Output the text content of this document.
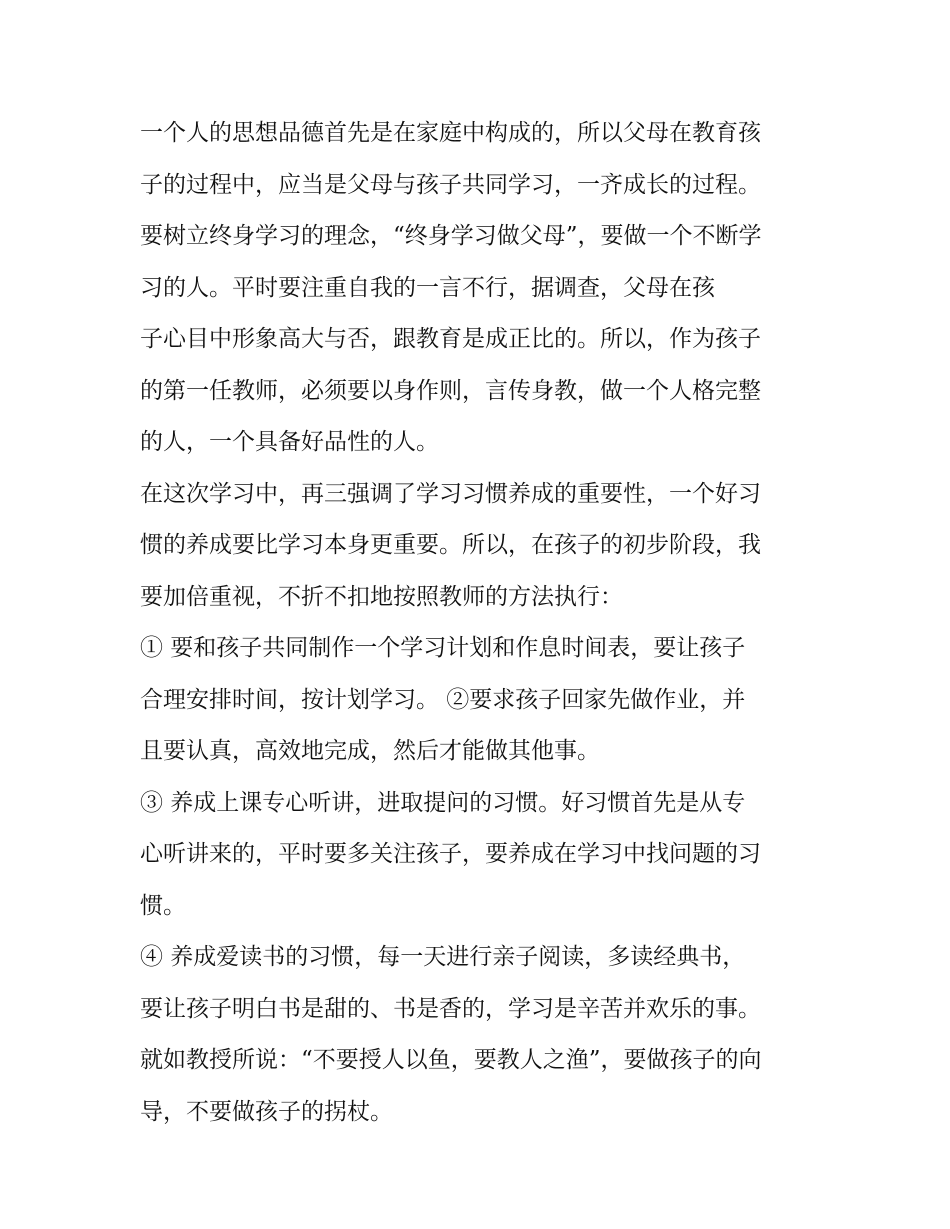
一个人的思想品德首先是在家庭中构成的，所以父母在教育孩
子的过程中，应当是父母与孩子共同学习，一齐成长的过程。
要树立终身学习的理念，“终身学习做父母”，要做一个不断学
习的人。平时要注重自我的一言不行，据调查，父母在孩
子心目中形象高大与否，跟教育是成正比的。所以，作为孩子
的第一任教师，必须要以身作则，言传身教，做一个人格完整
的人，一个具备好品性的人。
在这次学习中，再三强调了学习习惯养成的重要性，一个好习
惯的养成要比学习本身更重要。所以，在孩子的初步阶段，我
要加倍重视，不折不扣地按照教师的方法执行：
① 要和孩子共同制作一个学习计划和作息时间表，要让孩子
合理安排时间，按计划学习。 ②要求孩子回家先做作业，并
且要认真，高效地完成，然后才能做其他事。
③ 养成上课专心听讲，进取提问的习惯。好习惯首先是从专
心听讲来的，平时要多关注孩子，要养成在学习中找问题的习
惯。
④ 养成爱读书的习惯，每一天进行亲子阅读，多读经典书，
要让孩子明白书是甜的、书是香的，学习是辛苦并欢乐的事。
就如教授所说：“不要授人以鱼，要教人之渔”，要做孩子的向
导，不要做孩子的拐杖。
